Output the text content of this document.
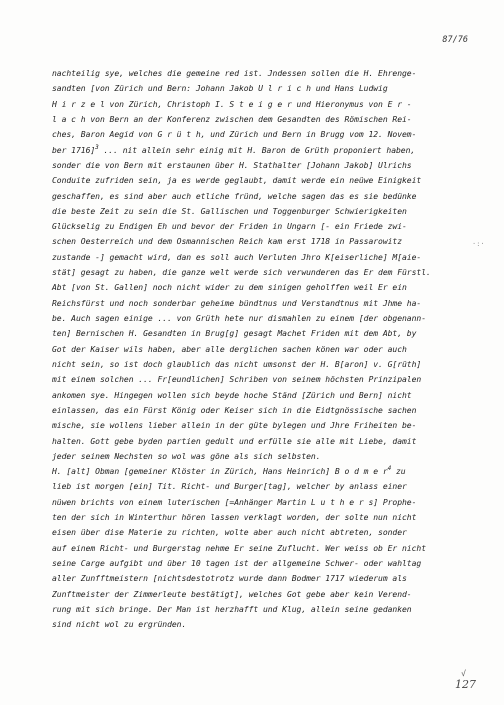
87/76
·:·
nachteilig sye, welches die gemeine red ist. Jndessen sollen die H. Ehrenge-
sandten [von Zürich und Bern: Johann Jakob U l r i c h und Hans Ludwig
H i r z e l von Zürich, Christoph I. S t e i g e r und Hieronymus von E r -
l a c h von Bern an der Konferenz zwischen dem Gesandten des Römischen Rei-
ches, Baron Aegid von G r ü t h, und Zürich und Bern in Brugg vom 12. Novem-
ber 1716]$^3$ ... nit allein sehr einig mit H. Baron de Grüth proponiert haben,
sonder die von Bern mit erstaunen über H. Stathalter [Johann Jakob] Ulrichs
Conduite zufriden sein, ja es werde geglaubt, damit werde ein neüwe Einigkeit
geschaffen, es sind aber auch etliche fründ, welche sagen das es sie bedünke
die beste Zeit zu sein die St. Gallischen und Toggenburger Schwierigkeiten
Glückselig zu Endigen Eh und bevor der Friden in Ungarn [- ein Friede zwi-
schen Oesterreich und dem Osmannischen Reich kam erst 1718 in Passarowitz
zustande -] gemacht wird, dan es soll auch Verluten Jhro K[eiserliche] M[aie-
stät] gesagt zu haben, die ganze welt werde sich verwunderen das Er dem Fürstl.
Abt [von St. Gallen] noch nicht wider zu dem sinigen geholffen weil Er ein
Reichsfürst und noch sonderbar geheime bündtnus und Verstandtnus mit Jhme ha-
be. Auch sagen einige ... von Grüth hete nur dismahlen zu einem [der obgenann-
ten] Bernischen H. Gesandten in Brug[g] gesagt Machet Friden mit dem Abt, by
Got der Kaiser wils haben, aber alle derglichen sachen könen war oder auch
nicht sein, so ist doch glaublich das nicht umsonst der H. B[aron] v. G[rüth]
mit einem solchen ... Fr[eundlichen] Schriben von seinem höchsten Prinzipalen
ankomen sye. Hingegen wollen sich beyde hoche Ständ [Zürich und Bern] nicht
einlassen, das ein Fürst König oder Keiser sich in die Eidtgnössische sachen
mische, sie wollens lieber allein in der güte bylegen und Jhre Friheiten be-
halten. Gott gebe byden partien gedult und erfülle sie alle mit Liebe, damit
jeder seinem Nechsten so wol was göne als sich selbsten.
H. [alt] Obman [gemeiner Klöster in Zürich, Hans Heinrich] B o d m e $r^4$ zu
lieb ist morgen [ein] Tit. Richt- und Burger[tag], welcher by anlass einer
nüwen brichts von einem luterischen [=Anhänger Martin L u t h e r s] Prophe-
ten der sich in Winterthur hören lassen verklagt worden, der solte nun nicht
eisen über dise Materie zu richten, wolte aber auch nicht abtreten, sonder
auf einem Richt- und Burgerstag nehme Er seine Zuflucht. Wer weiss ob Er nicht
seine Carge aufgibt und über 10 tagen ist der allgemeine Schwer- oder wahltag
aller Zunfftmeistern [nichtsdestotrotz wurde dann Bodmer 1717 wiederum als
Zunftmeister der Zimmerleute bestätigt], welches Got gebe aber kein Verend-
rung mit sich bringe. Der Man ist herzhafft und Klug, allein seine gedanken
sind nicht wol zu ergründen.
√
127
